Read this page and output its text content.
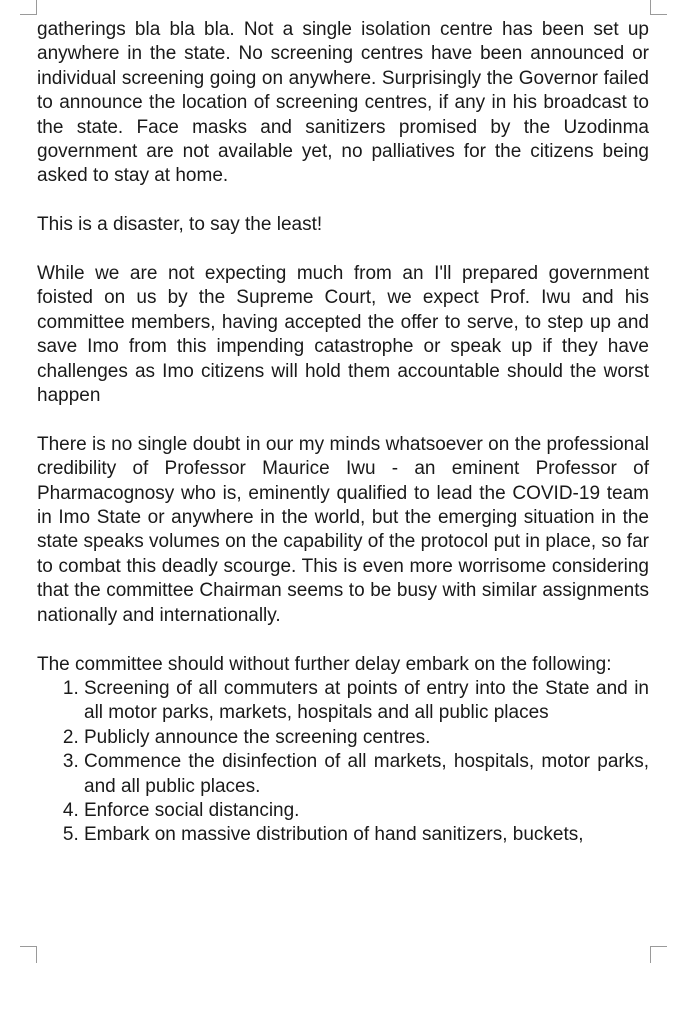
gatherings bla bla bla. Not a single isolation centre has been set up anywhere in the state. No screening centres have been announced or individual screening going on anywhere. Surprisingly the Governor failed to announce the location of screening centres, if any in his broadcast to the state. Face masks and sanitizers promised by the Uzodinma government are not available yet, no palliatives for the citizens being asked to stay at home.

This is a disaster, to say the least!

While we are not expecting much from an I'll prepared government foisted on us by the Supreme Court, we expect Prof. Iwu and his committee members, having accepted the offer to serve, to step up and save Imo from this impending catastrophe or speak up if they have challenges as Imo citizens will hold them accountable should the worst happen

There is no single doubt in our my minds whatsoever on the professional credibility of Professor Maurice Iwu - an eminent Professor of Pharmacognosy who is, eminently qualified to lead the COVID-19 team in Imo State or anywhere in the world, but the emerging situation in the state speaks volumes on the capability of the protocol put in place, so far to combat this deadly scourge. This is even more worrisome considering that the committee Chairman seems to be busy with similar assignments nationally and internationally.

The committee should without further delay embark on the following:

1. Screening of all commuters at points of entry into the State and in all motor parks, markets, hospitals and all public places
2. Publicly announce the screening centres.
3. Commence the disinfection of all markets, hospitals, motor parks, and all public places.
4. Enforce social distancing.
5. Embark on massive distribution of hand sanitizers, buckets,
